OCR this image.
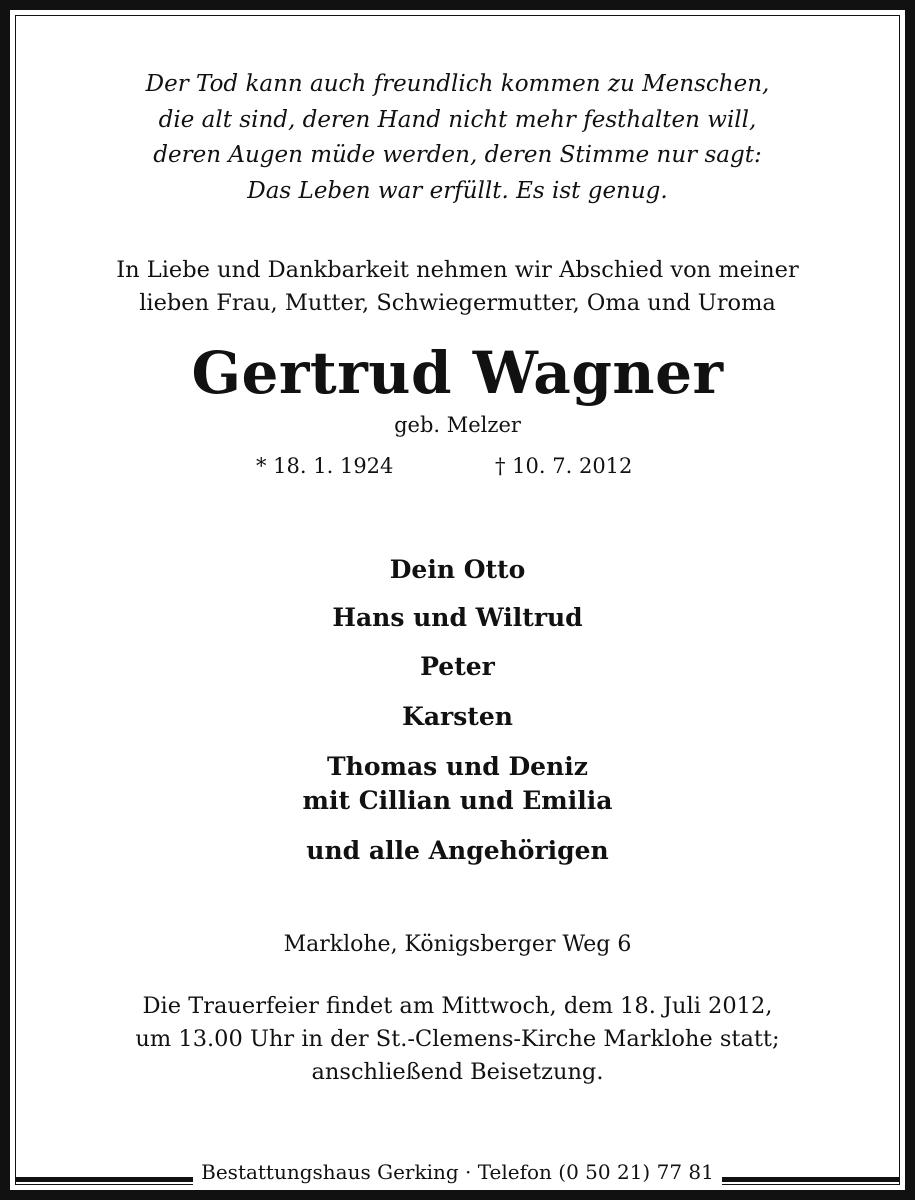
Der Tod kann auch freundlich kommen zu Menschen,
die alt sind, deren Hand nicht mehr festhalten will,
deren Augen müde werden, deren Stimme nur sagt:
Das Leben war erfüllt. Es ist genug.
In Liebe und Dankbarkeit nehmen wir Abschied von meiner
lieben Frau, Mutter, Schwiegermutter, Oma und Uroma
Gertrud Wagner
geb. Melzer
* 18. 1. 1924	† 10. 7. 2012
Dein Otto
Hans und Wiltrud
Peter
Karsten
Thomas und Deniz
mit Cillian und Emilia
und alle Angehörigen
Marklohe, Königsberger Weg 6
Die Trauerfeier findet am Mittwoch, dem 18. Juli 2012,
um 13.00 Uhr in der St.-Clemens-Kirche Marklohe statt;
anschließend Beisetzung.
Bestattungshaus Gerking · Telefon (0 50 21) 77 81
